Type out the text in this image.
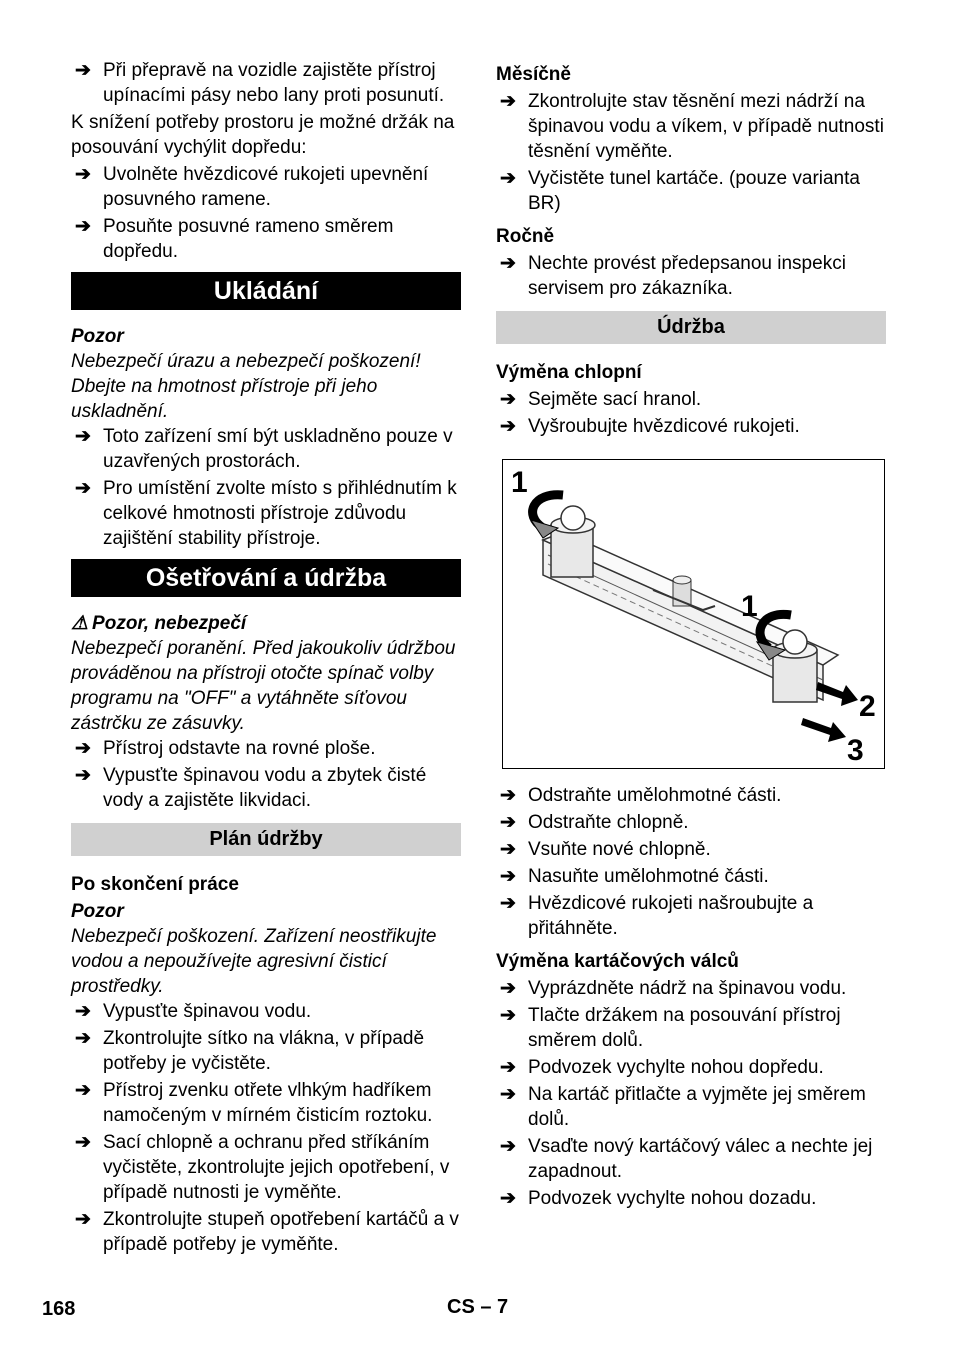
➔ Při přepravě na vozidle zajistěte přístroj upínacími pásy nebo lany proti posunutí.
K snížení potřeby prostoru je možné držák na posouvání vychýlit dopředu:
➔ Uvolněte hvězdicové rukojeti upevnění posuvného ramene.
➔ Posuňte posuvné rameno směrem dopředu.
Ukládání
Pozor
Nebezpečí úrazu a nebezpečí poškození!
Dbejte na hmotnost přístroje při jeho uskladnění.
➔ Toto zařízení smí být uskladněno pouze v uzavřených prostorách.
➔ Pro umístění zvolte místo s přihlédnutím k celkové hmotnosti přístroje zdůvodu zajištění stability přístroje.
Ošetřování a údržba
⚠ Pozor, nebezpečí
Nebezpečí poranění. Před jakoukoliv údržbou prováděnou na přístroji otočte spínač volby programu na "OFF" a vytáhněte síťovou zástrčku ze zásuvky.
➔ Přístroj odstavte na rovné ploše.
➔ Vypusťte špinavou vodu a zbytek čisté vody a zajistěte likvidaci.
Plán údržby
Po skončení práce
Pozor
Nebezpečí poškození. Zařízení neostřikujte vodou a nepoužívejte agresivní čisticí prostředky.
➔ Vypusťte špinavou vodu.
➔ Zkontrolujte sítko na vlákna, v případě potřeby je vyčistěte.
➔ Přístroj zvenku otřete vlhkým hadříkem namočeným v mírném čisticím roztoku.
➔ Sací chlopně a ochranu před stříkáním vyčistěte, zkontrolujte jejich opotřebení, v případě nutnosti je vyměňte.
➔ Zkontrolujte stupeň opotřebení kartáčů a v případě potřeby je vyměňte.
Měsíčně
➔ Zkontrolujte stav těsnění mezi nádrží na špinavou vodu a víkem, v případě nutnosti těsnění vyměňte.
➔ Vyčistěte tunel kartáče. (pouze varianta BR)
Ročně
➔ Nechte provést předepsanou inspekci servisem pro zákazníka.
Údržba
Výměna chlopní
➔ Sejměte sací hranol.
➔ Vyšroubujte hvězdicové rukojeti.
1
1
2
3
➔ Odstraňte umělohmotné části.
➔ Odstraňte chlopně.
➔ Vsuňte nové chlopně.
➔ Nasuňte umělohmotné části.
➔ Hvězdicové rukojeti našroubujte a přitáhněte.
Výměna kartáčových válců
➔ Vyprázdněte nádrž na špinavou vodu.
➔ Tlačte držákem na posouvání přístroj směrem dolů.
➔ Podvozek vychylte nohou dopředu.
➔ Na kartáč přitlačte a vyjměte jej směrem dolů.
➔ Vsaďte nový kartáčový válec a nechte jej zapadnout.
➔ Podvozek vychylte nohou dozadu.
168	CS – 7
